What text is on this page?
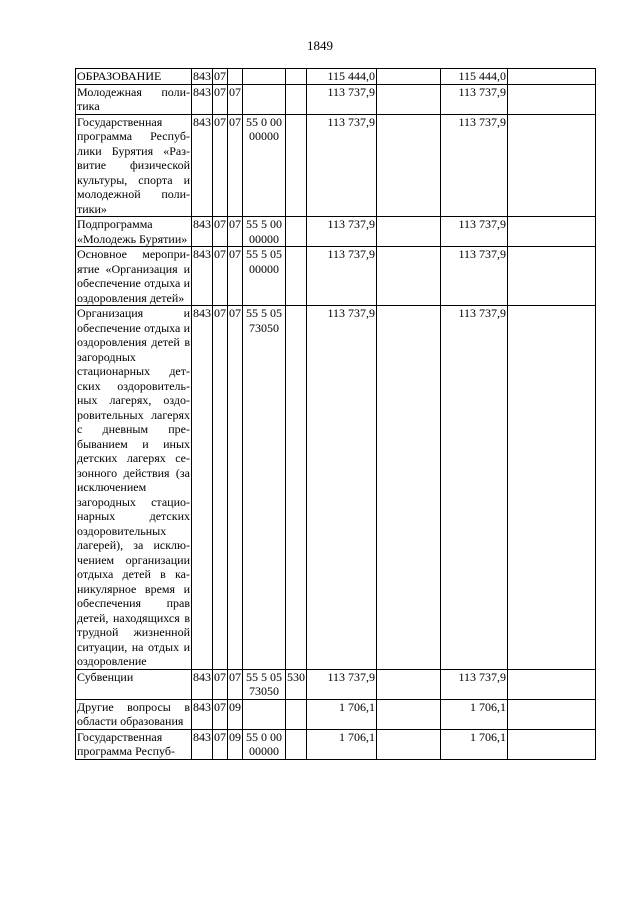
1849
ОБРАЗОВАНИЕ	843	07				115 444,0		115 444,0	
Молодежная политика	843	07	07			113 737,9		113 737,9	
Государственная программа Республики Бурятия «Развитие физической культуры, спорта и молодежной политики»	843	07	07	55 0 00 00000		113 737,9		113 737,9	
Подпрограмма «Молодежь Бурятии»	843	07	07	55 5 00 00000		113 737,9		113 737,9	
Основное мероприятие «Организация и обеспечение отдыха и оздоровления детей»	843	07	07	55 5 05 00000		113 737,9		113 737,9	
Организация и обеспечение отдыха и оздоровления детей в загородных стационарных детских оздоровительных лагерях, оздоровительных лагерях с дневным пребыванием и иных детских лагерях сезонного действия (за исключением загородных стационарных детских оздоровительных лагерей), за исключением организации отдыха детей в каникулярное время и обеспечения прав детей, находящихся в трудной жизненной ситуации, на отдых и оздоровление	843	07	07	55 5 05 73050		113 737,9		113 737,9	
Субвенции	843	07	07	55 5 05 73050	530	113 737,9		113 737,9	
Другие вопросы в области образования	843	07	09			1 706,1		1 706,1	
Государственная программа Респуб-	843	07	09	55 0 00 00000		1 706,1		1 706,1	
